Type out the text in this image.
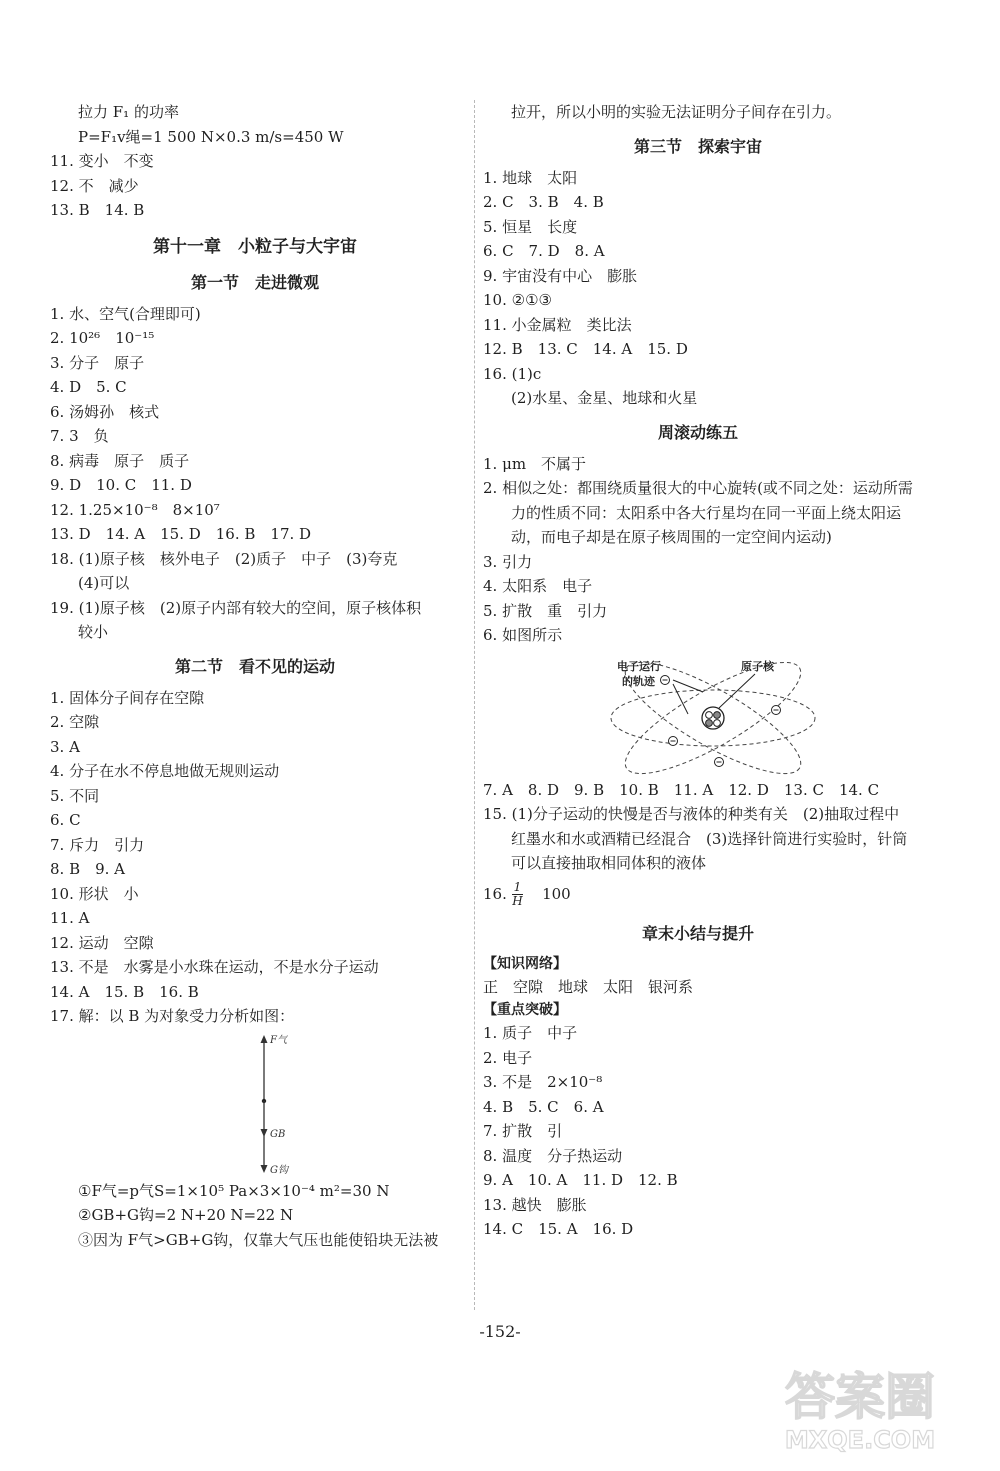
拉力 F₁ 的功率
P=F₁v绳=1 500 N×0.3 m/s=450 W
11. 变小　不变
12. 不　减少
13. B　14. B
第十一章　小粒子与大宇宙
第一节　走进微观
1. 水、空气(合理即可)
2. 10²⁶　10⁻¹⁵
3. 分子　原子
4. D　5. C
6. 汤姆孙　核式
7. 3　负
8. 病毒　原子　质子
9. D　10. C　11. D
12. 1.25×10⁻⁸　8×10⁷
13. D　14. A　15. D　16. B　17. D
18. (1)原子核　核外电子　(2)质子　中子　(3)夸克
(4)可以
19. (1)原子核　(2)原子内部有较大的空间，原子核体积
较小
第二节　看不见的运动
1. 固体分子间存在空隙
2. 空隙
3. A
4. 分子在水不停息地做无规则运动
5. 不同
6. C
7. 斥力　引力
8. B　9. A
10. 形状　小
11. A
12. 运动　空隙
13. 不是　水雾是小水珠在运动，不是水分子运动
14. A　15. B　16. B
17. 解：以 B 为对象受力分析如图：
F气
GB
G钩
①F气=p气S=1×10⁵ Pa×3×10⁻⁴ m²=30 N
②GB+G钩=2 N+20 N=22 N
③因为 F气>GB+G钩，仅靠大气压也能使铅块无法被
拉开，所以小明的实验无法证明分子间存在引力。
第三节　探索宇宙
1. 地球　太阳
2. C　3. B　4. B
5. 恒星　长度
6. C　7. D　8. A
9. 宇宙没有中心　膨胀
10. ②①③
11. 小金属粒　类比法
12. B　13. C　14. A　15. D
16. (1)c
(2)水星、金星、地球和火星
周滚动练五
1. μm　不属于
2. 相似之处：都围绕质量很大的中心旋转(或不同之处：运动所需力的性质不同：太阳系中各大行星均在同一平面上绕太阳运动，而电子却是在原子核周围的一定空间内运动)
3. 引力
4. 太阳系　电子
5. 扩散　重　引力
6. 如图所示
电子运行
的轨迹
原子核
7. A　8. D　9. B　10. B　11. A　12. D　13. C　14. C
15. (1)分子运动的快慢是否与液体的种类有关　(2)抽取过程中红墨水和水或酒精已经混合　(3)选择针筒进行实验时，针筒可以直接抽取相同体积的液体
16. $\frac{1}{H} 100$
章末小结与提升
【知识网络】
正　空隙　地球　太阳　银河系
【重点突破】
1. 质子　中子
2. 电子
3. 不是　2×10⁻⁸
4. B　5. C　6. A
7. 扩散　引
8. 温度　分子热运动
9. A　10. A　11. D　12. B
13. 越快　膨胀
14. C　15. A　16. D
-152-
答案圈
MXQE.COM
